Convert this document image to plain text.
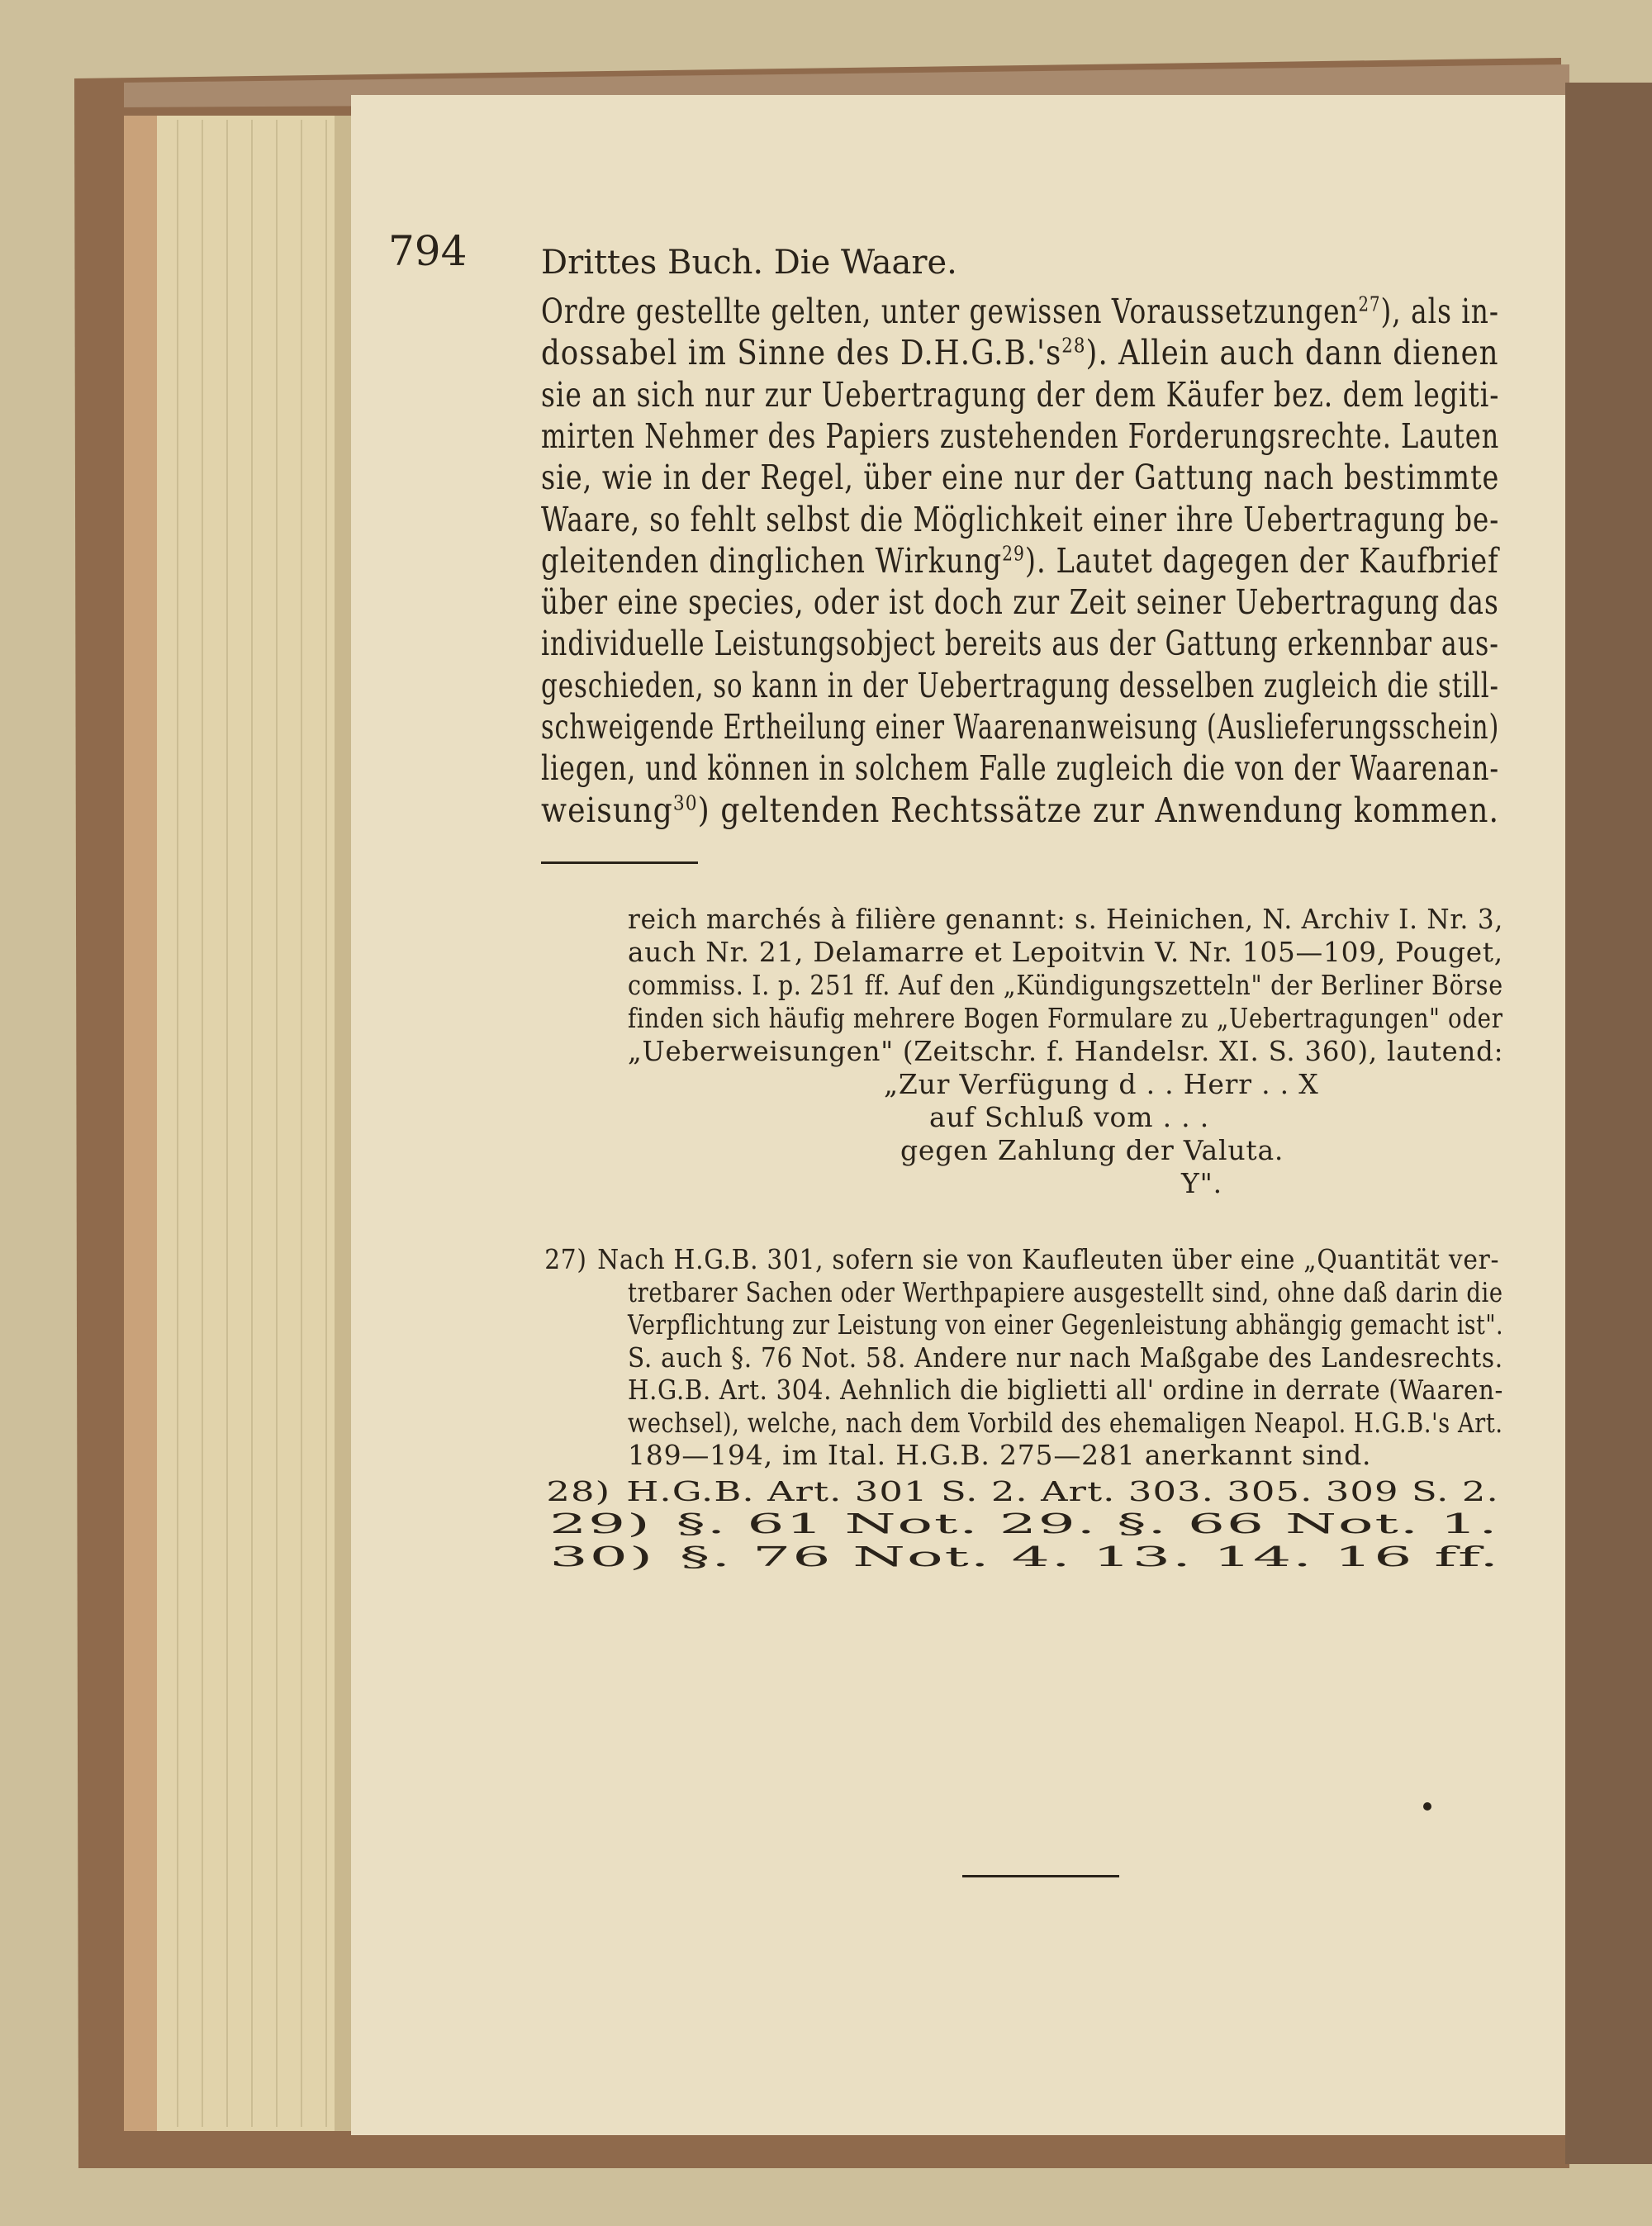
794 Drittes Buch. Die Waare.
Ordre gestellte gelten, unter gewissen Voraussetzungen$^{27}$), als in-
dossabel im Sinne des $D.H.G.B.'s^{28}$). Allein auch dann dienen
sie an sich nur zur Uebertragung der dem Käufer bez. dem legiti-
mirten Nehmer des Papiers zustehenden Forderungsrechte. Lauten
sie, wie in der Regel, über eine nur der Gattung nach bestimmte
Waare, so fehlt selbst die Möglichkeit einer ihre Uebertragung be-
gleitenden dinglichen Wirkung$^{29}$). Lautet dagegen der Kaufbrief
über eine species, oder ist doch zur Zeit seiner Uebertragung das
individuelle Leistungsobject bereits aus der Gattung erkennbar aus-
geschieden, so kann in der Uebertragung desselben zugleich die still-
schweigende Ertheilung einer Waarenanweisung (Auslieferungsschein)
liegen, und können in solchem Falle zugleich die von der Waarenan-
weisung$^{30}$) geltenden Rechtssätze zur Anwendung kommen.
reich marchés à filière genannt: s. Heinichen, N. Archiv I. Nr. 3,
auch Nr. 21, Delamarre et Lepoitvin V. Nr. 105—109, Pouget,
commiss. I. p. 251 ff. Auf den „Kündigungszetteln" der Berliner Börse
finden sich häufig mehrere Bogen Formulare zu „Uebertragungen" oder
„Ueberweisungen" (Zeitschr. f. Handelsr. XI. S. 360), lautend:
„Zur Verfügung d . . Herr . . X
auf Schluß vom . . .
gegen Zahlung der Valuta.
Y".
27) Nach H.G.B. 301, sofern sie von Kaufleuten über eine „Quantität ver-
tretbarer Sachen oder Werthpapiere ausgestellt sind, ohne daß darin die
Verpflichtung zur Leistung von einer Gegenleistung abhängig gemacht ist".
S. auch §. 76 Not. 58. Andere nur nach Maßgabe des Landesrechts.
H.G.B. Art. 304. Aehnlich die biglietti all' ordine in derrate (Waaren-
wechsel), welche, nach dem Vorbild des ehemaligen Neapol. H.G.B.'s Art.
189—194, im Ital. H.G.B. 275—281 anerkannt sind.
28) H.G.B. Art. 301 S. 2. Art. 303. 305. 309 S. 2.
29) §. 61 Not. 29. §. 66 Not. 1.
30) §. 76 Not. 4. 13. 14. 16 ff.
